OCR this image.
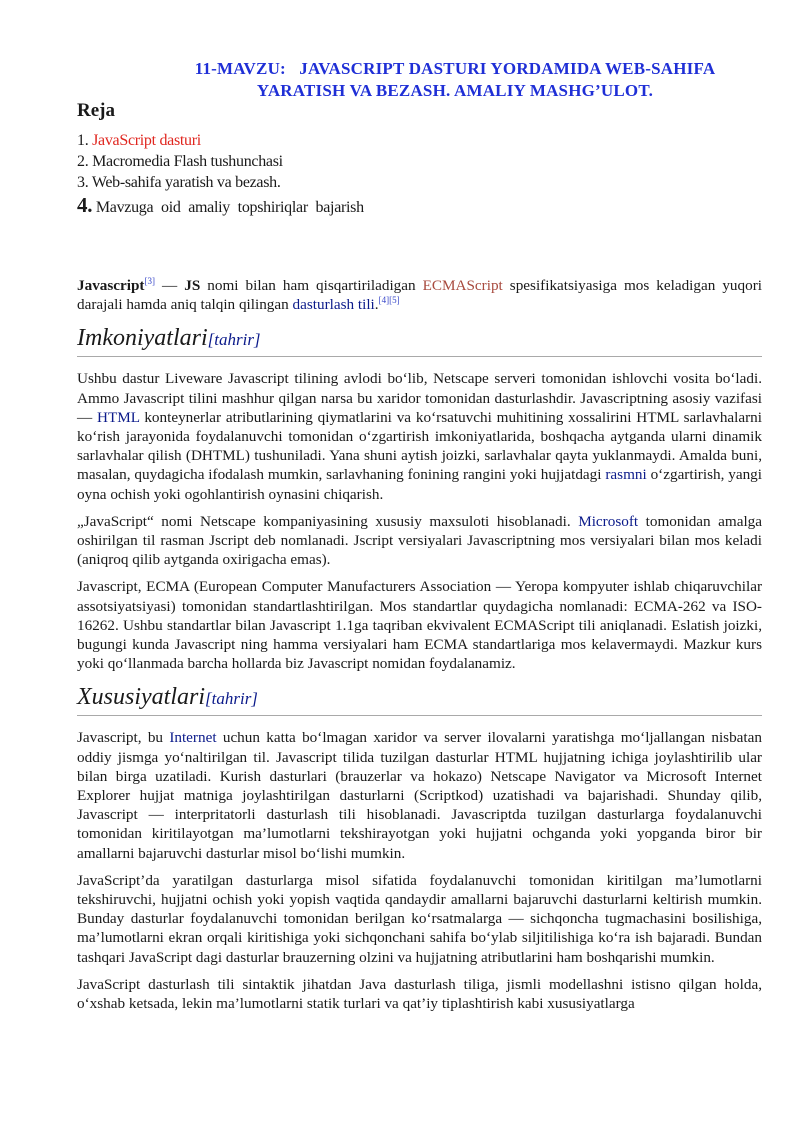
11-MAVZU:   JAVASCRIPT DASTURI YORDAMIDA WEB-SAHIFA
YARATISH VA BEZASH. AMALIY MASHG’ULOT.
Reja
1. JavaScript dasturi
2. Macromedia Flash tushunchasi
3. Web-sahifa yaratish va bezash.
4. Mavzuga oid amaliy topshiriqlar bajarish

Javascript[3] — JS nomi bilan ham qisqartiriladigan ECMAScript spesifikatsiyasiga mos keladigan yuqori darajali hamda aniq talqin qilingan dasturlash tili.[4][5]

Imkoniyatlari[tahrir]

Ushbu dastur Liveware Javascript tilining avlodi bo‘lib, Netscape serveri tomonidan ishlovchi vosita bo‘ladi. Ammo Javascript tilini mashhur qilgan narsa bu xaridor tomonidan dasturlashdir. Javascriptning asosiy vazifasi — HTML konteynerlar atributlarining qiymatlarini va ko‘rsatuvchi muhitining xossalirini HTML sarlavhalarni ko‘rish jarayonida foydalanuvchi tomonidan o‘zgartirish imkoniyatlarida, boshqacha aytganda ularni dinamik sarlavhalar qilish (DHTML) tushuniladi. Yana shuni aytish joizki, sarlavhalar qayta yuklanmaydi. Amalda buni, masalan, quydagicha ifodalash mumkin, sarlavhaning fonining rangini yoki hujjatdagi rasmni o‘zgartirish, yangi oyna ochish yoki ogohlantirish oynasini chiqarish.

„JavaScript“ nomi Netscape kompaniyasining xususiy maxsuloti hisoblanadi. Microsoft tomonidan amalga oshirilgan til rasman Jscript deb nomlanadi. Jscript versiyalari Javascriptning mos versiyalari bilan mos keladi (aniqroq qilib aytganda oxirigacha emas).

Javascript, ECMA (European Computer Manufacturers Association — Yeropa kompyuter ishlab chiqaruvchilar assotsiyatsiyasi) tomonidan standartlashtirilgan. Mos standartlar quydagicha nomlanadi: ECMA-262 va ISO-16262. Ushbu standartlar bilan Javascript 1.1ga taqriban ekvivalent ECMAScript tili aniqlanadi. Eslatish joizki, bugungi kunda Javascript ning hamma versiyalari ham ECMA standartlariga mos kelavermaydi. Mazkur kurs yoki qo‘llanmada barcha hollarda biz Javascript nomidan foydalanamiz.

Xususiyatlari[tahrir]

Javascript, bu Internet uchun katta bo‘lmagan xaridor va server ilovalarni yaratishga mo‘ljallangan nisbatan oddiy jismga yo‘naltirilgan til. Javascript tilida tuzilgan dasturlar HTML hujjatning ichiga joylashtirilib ular bilan birga uzatiladi. Kurish dasturlari (brauzerlar va hokazo) Netscape Navigator va Microsoft Internet Explorer hujjat matniga joylashtirilgan dasturlarni (Scriptkod) uzatishadi va bajarishadi. Shunday qilib, Javascript — interpritatorli dasturlash tili hisoblanadi. Javascriptda tuzilgan dasturlarga foydalanuvchi tomonidan kiritilayotgan ma’lumotlarni tekshirayotgan yoki hujjatni ochganda yoki yopganda biror bir amallarni bajaruvchi dasturlar misol bo‘lishi mumkin.

JavaScript’da yaratilgan dasturlarga misol sifatida foydalanuvchi tomonidan kiritilgan ma’lumotlarni tekshiruvchi, hujjatni ochish yoki yopish vaqtida qandaydir amallarni bajaruvchi dasturlarni keltirish mumkin. Bunday dasturlar foydalanuvchi tomonidan berilgan ko‘rsatmalarga — sichqoncha tugmachasini bosilishiga, ma’lumotlarni ekran orqali kiritishiga yoki sichqonchani sahifa bo‘ylab siljitilishiga ko‘ra ish bajaradi. Bundan tashqari JavaScript dagi dasturlar brauzerning olzini va hujjatning atributlarini ham boshqarishi mumkin.

JavaScript dasturlash tili sintaktik jihatdan Java dasturlash tiliga, jismli modellashni istisno qilgan holda, o‘xshab ketsada, lekin ma’lumotlarni statik turlari va qat’iy tiplashtirish kabi xususiyatlarga
